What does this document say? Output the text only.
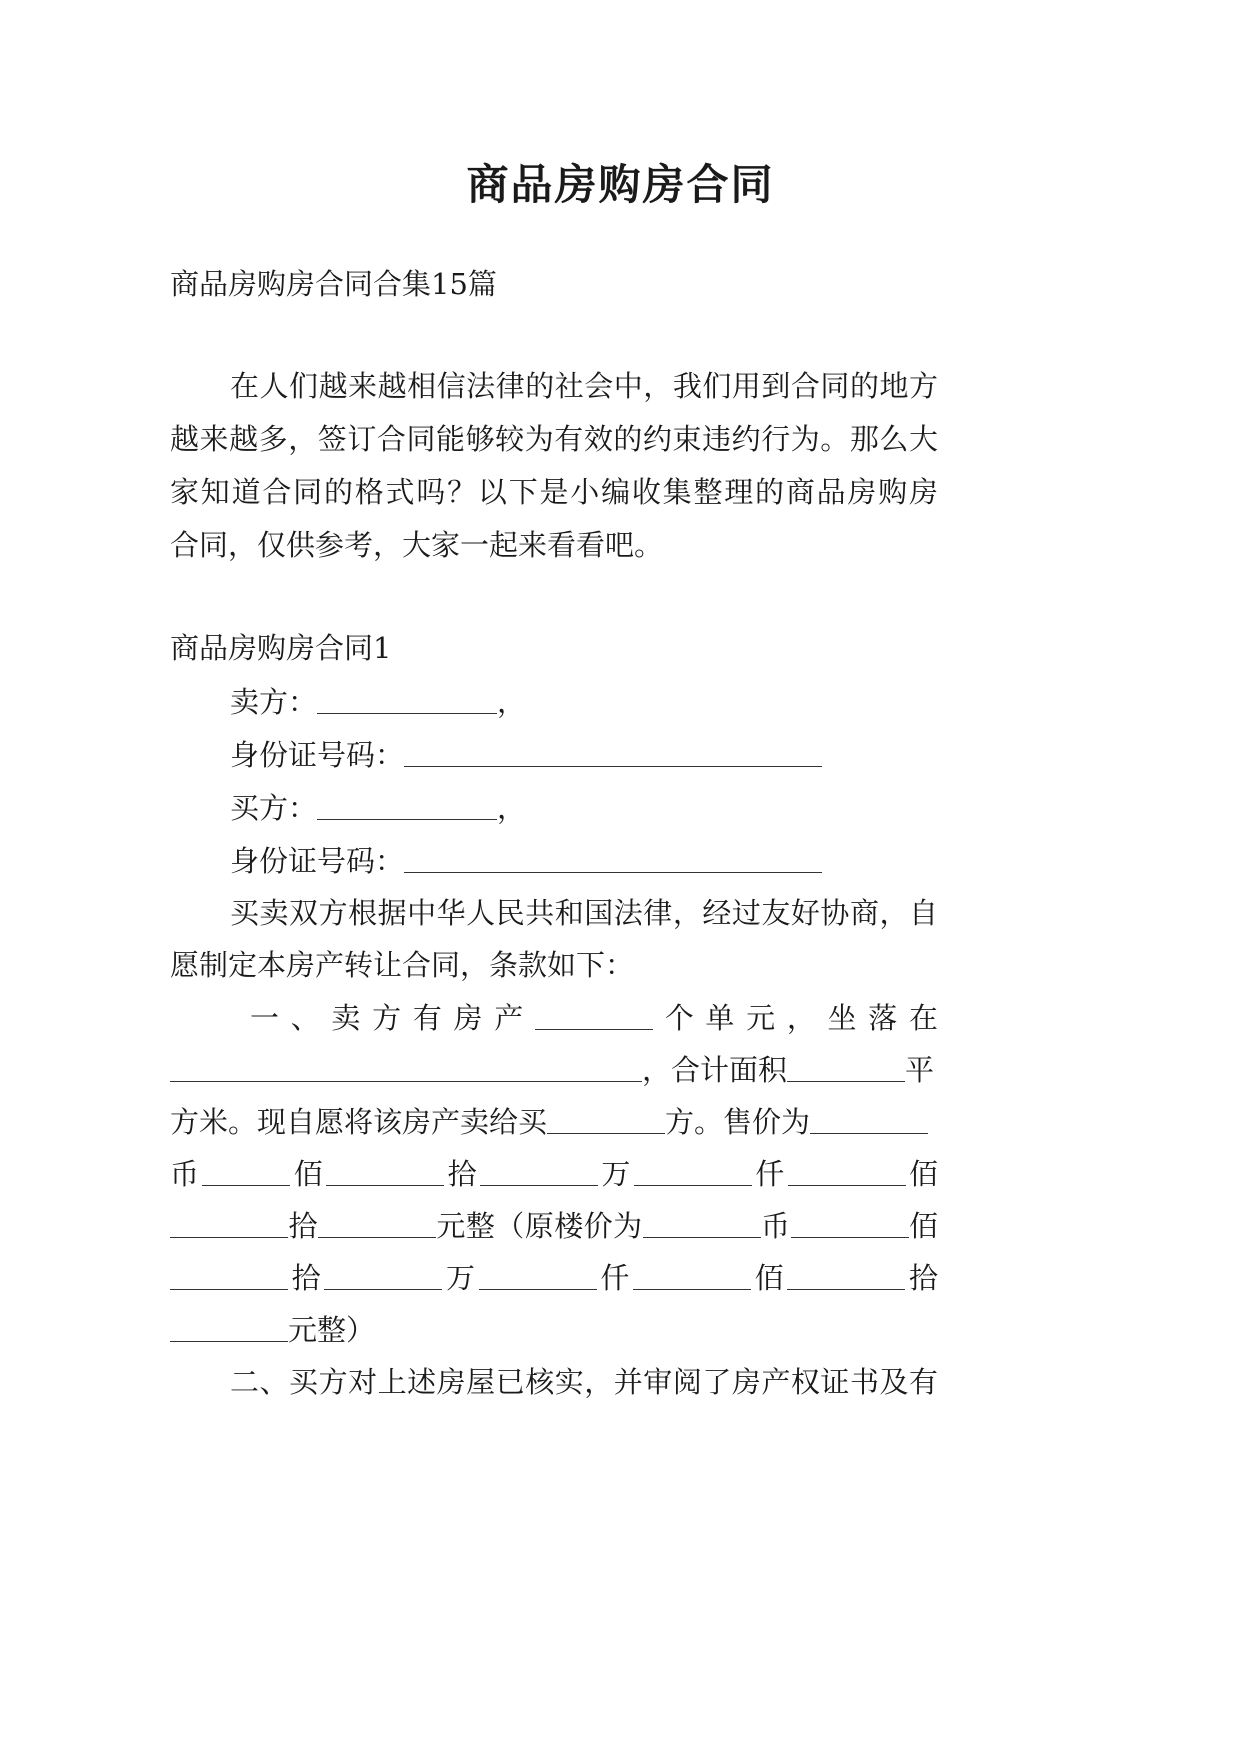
商品房购房合同
商品房购房合同合集15篇
在人们越来越相信法律的社会中，我们用到合同的地方
越来越多，签订合同能够较为有效的约束违约行为。那么大
家知道合同的格式吗？以下是小编收集整理的商品房购房
合同，仅供参考，大家一起来看看吧。
商品房购房合同1
卖方：	，
身份证号码：
买方：	，
身份证号码：
买卖双方根据中华人民共和国法律，经过友好协商，自
愿制定本房产转让合同，条款如下：
一、卖方有房产	个单元，坐落在
，合计面积	平
方米。现自愿将该房产卖给买	方。售价为
币	佰	拾	万	仟	佰
拾	元整（原楼价为	币	佰
拾	万	仟	佰	拾
元整）
二、买方对上述房屋已核实，并审阅了房产权证书及有
